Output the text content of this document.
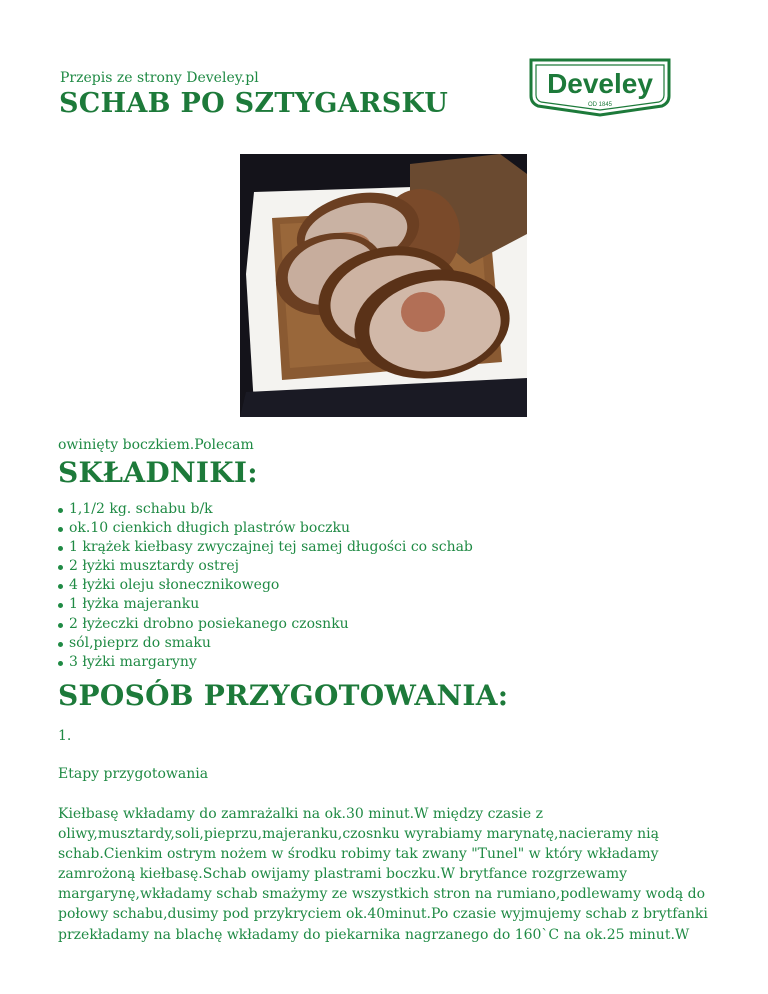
Przepis ze strony Develey.pl
SCHAB PO SZTYGARSKU
Develey
OD 1845
owinięty boczkiem.Polecam
SKŁADNIKI:
1,1/2 kg. schabu b/k
ok.10 cienkich długich plastrów boczku
1 krążek kiełbasy zwyczajnej tej samej długości co schab
2 łyżki musztardy ostrej
4 łyżki oleju słonecznikowego
1 łyżka majeranku
2 łyżeczki drobno posiekanego czosnku
sól,pieprz do smaku
3 łyżki margaryny
SPOSÓB PRZYGOTOWANIA:
1.
Etapy przygotowania
Kiełbasę wkładamy do zamrażalki na ok.30 minut.W między czasie z
oliwy,musztardy,soli,pieprzu,majeranku,czosnku wyrabiamy marynatę,nacieramy nią
schab.Cienkim ostrym nożem w środku robimy tak zwany "Tunel" w który wkładamy
zamrożoną kiełbasę.Schab owijamy plastrami boczku.W brytfance rozgrzewamy
margarynę,wkładamy schab smażymy ze wszystkich stron na rumiano,podlewamy wodą do
połowy schabu,dusimy pod przykryciem ok.40minut.Po czasie wyjmujemy schab z brytfanki
przekładamy na blachę wkładamy do piekarnika nagrzanego do 160`C na ok.25 minut.W
